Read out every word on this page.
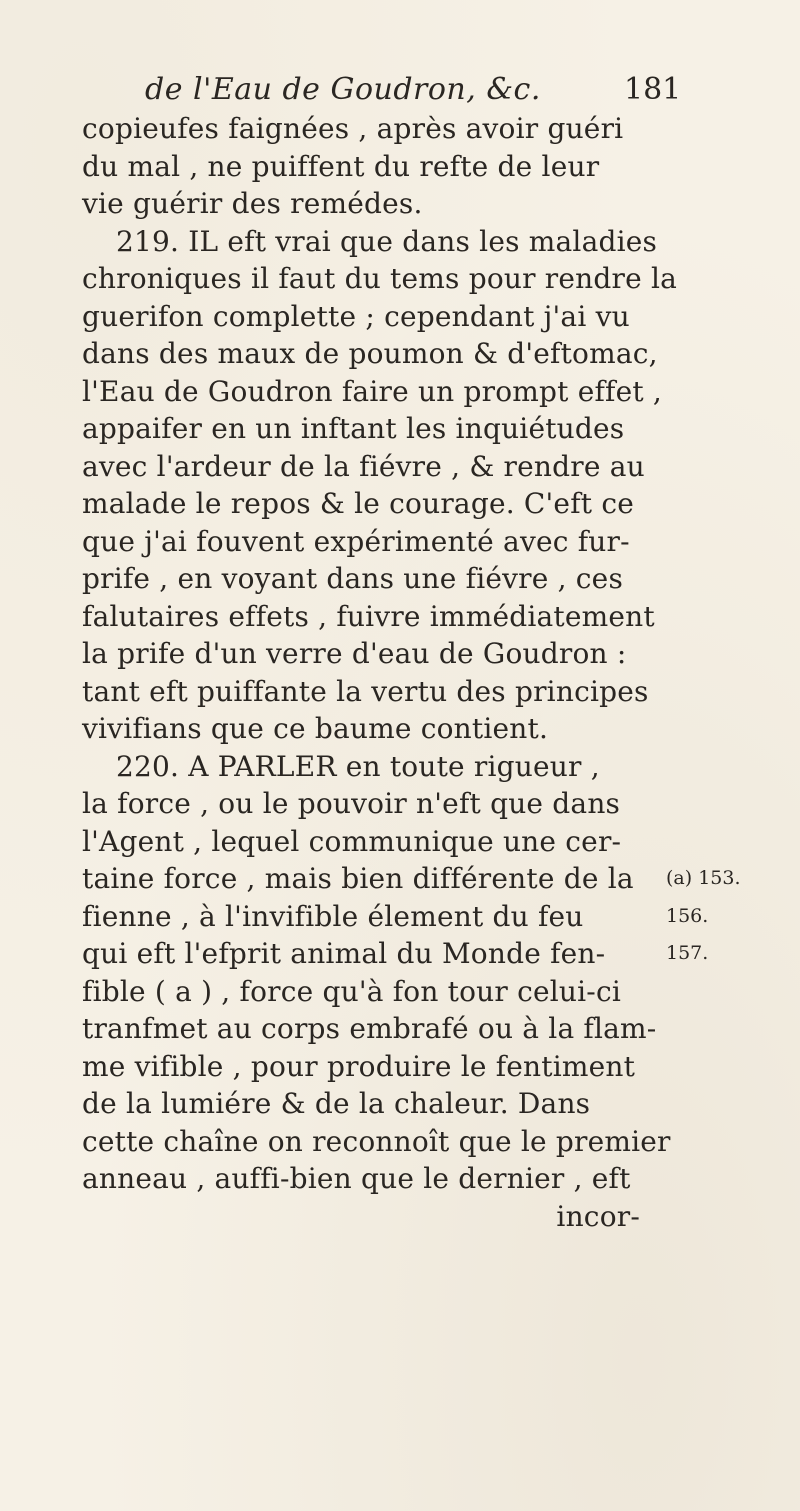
de l'Eau de Goudron, &c.	181
copieufes faignées , après avoir guéri
du mal , ne puiffent du refte de leur
vie guérir des remédes.
219. IL eft vrai que dans les maladies
chroniques il faut du tems pour rendre la
guerifon complette ; cependant j'ai vu
dans des maux de poumon & d'eftomac,
l'Eau de Goudron faire un prompt effet ,
appaifer en un inftant les inquiétudes
avec l'ardeur de la fiévre , & rendre au
malade le repos & le courage. C'eft ce
que j'ai fouvent expérimenté avec fur-
prife , en voyant dans une fiévre , ces
falutaires effets , fuivre immédiatement
la prife d'un verre d'eau de Goudron :
tant eft puiffante la vertu des principes
vivifians que ce baume contient.
220. A PARLER en toute rigueur ,
la force , ou le pouvoir n'eft que dans
l'Agent , lequel communique une cer-
taine force , mais bien différente de la
fienne , à l'invifible élement du feu
qui eft l'efprit animal du Monde fen-
fible ( a ) , force qu'à fon tour celui-ci
tranfmet au corps embrafé ou à la flam-
me vifible , pour produire le fentiment
de la lumiére & de la chaleur. Dans
cette chaîne on reconnoît que le premier
anneau , auffi-bien que le dernier , eft
incor-
(a) 153.
156.
157.
